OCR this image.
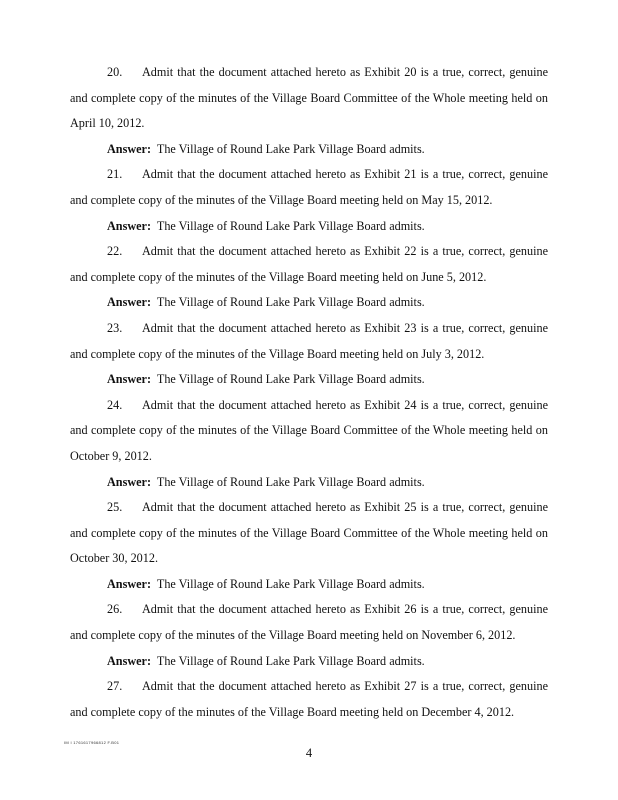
20. Admit that the document attached hereto as Exhibit 20 is a true, correct, genuine and complete copy of the minutes of the Village Board Committee of the Whole meeting held on April 10, 2012.

Answer: The Village of Round Lake Park Village Board admits.

21. Admit that the document attached hereto as Exhibit 21 is a true, correct, genuine and complete copy of the minutes of the Village Board meeting held on May 15, 2012.

Answer: The Village of Round Lake Park Village Board admits.

22. Admit that the document attached hereto as Exhibit 22 is a true, correct, genuine and complete copy of the minutes of the Village Board meeting held on June 5, 2012.

Answer: The Village of Round Lake Park Village Board admits.

23. Admit that the document attached hereto as Exhibit 23 is a true, correct, genuine and complete copy of the minutes of the Village Board meeting held on July 3, 2012.

Answer: The Village of Round Lake Park Village Board admits.

24. Admit that the document attached hereto as Exhibit 24 is a true, correct, genuine and complete copy of the minutes of the Village Board Committee of the Whole meeting held on October 9, 2012.

Answer: The Village of Round Lake Park Village Board admits.

25. Admit that the document attached hereto as Exhibit 25 is a true, correct, genuine and complete copy of the minutes of the Village Board Committee of the Whole meeting held on October 30, 2012.

Answer: The Village of Round Lake Park Village Board admits.

26. Admit that the document attached hereto as Exhibit 26 is a true, correct, genuine and complete copy of the minutes of the Village Board meeting held on November 6, 2012.

Answer: The Village of Round Lake Park Village Board admits.

27. Admit that the document attached hereto as Exhibit 27 is a true, correct, genuine and complete copy of the minutes of the Village Board meeting held on December 4, 2012.

IM I 1761617966812 F.B01
4
